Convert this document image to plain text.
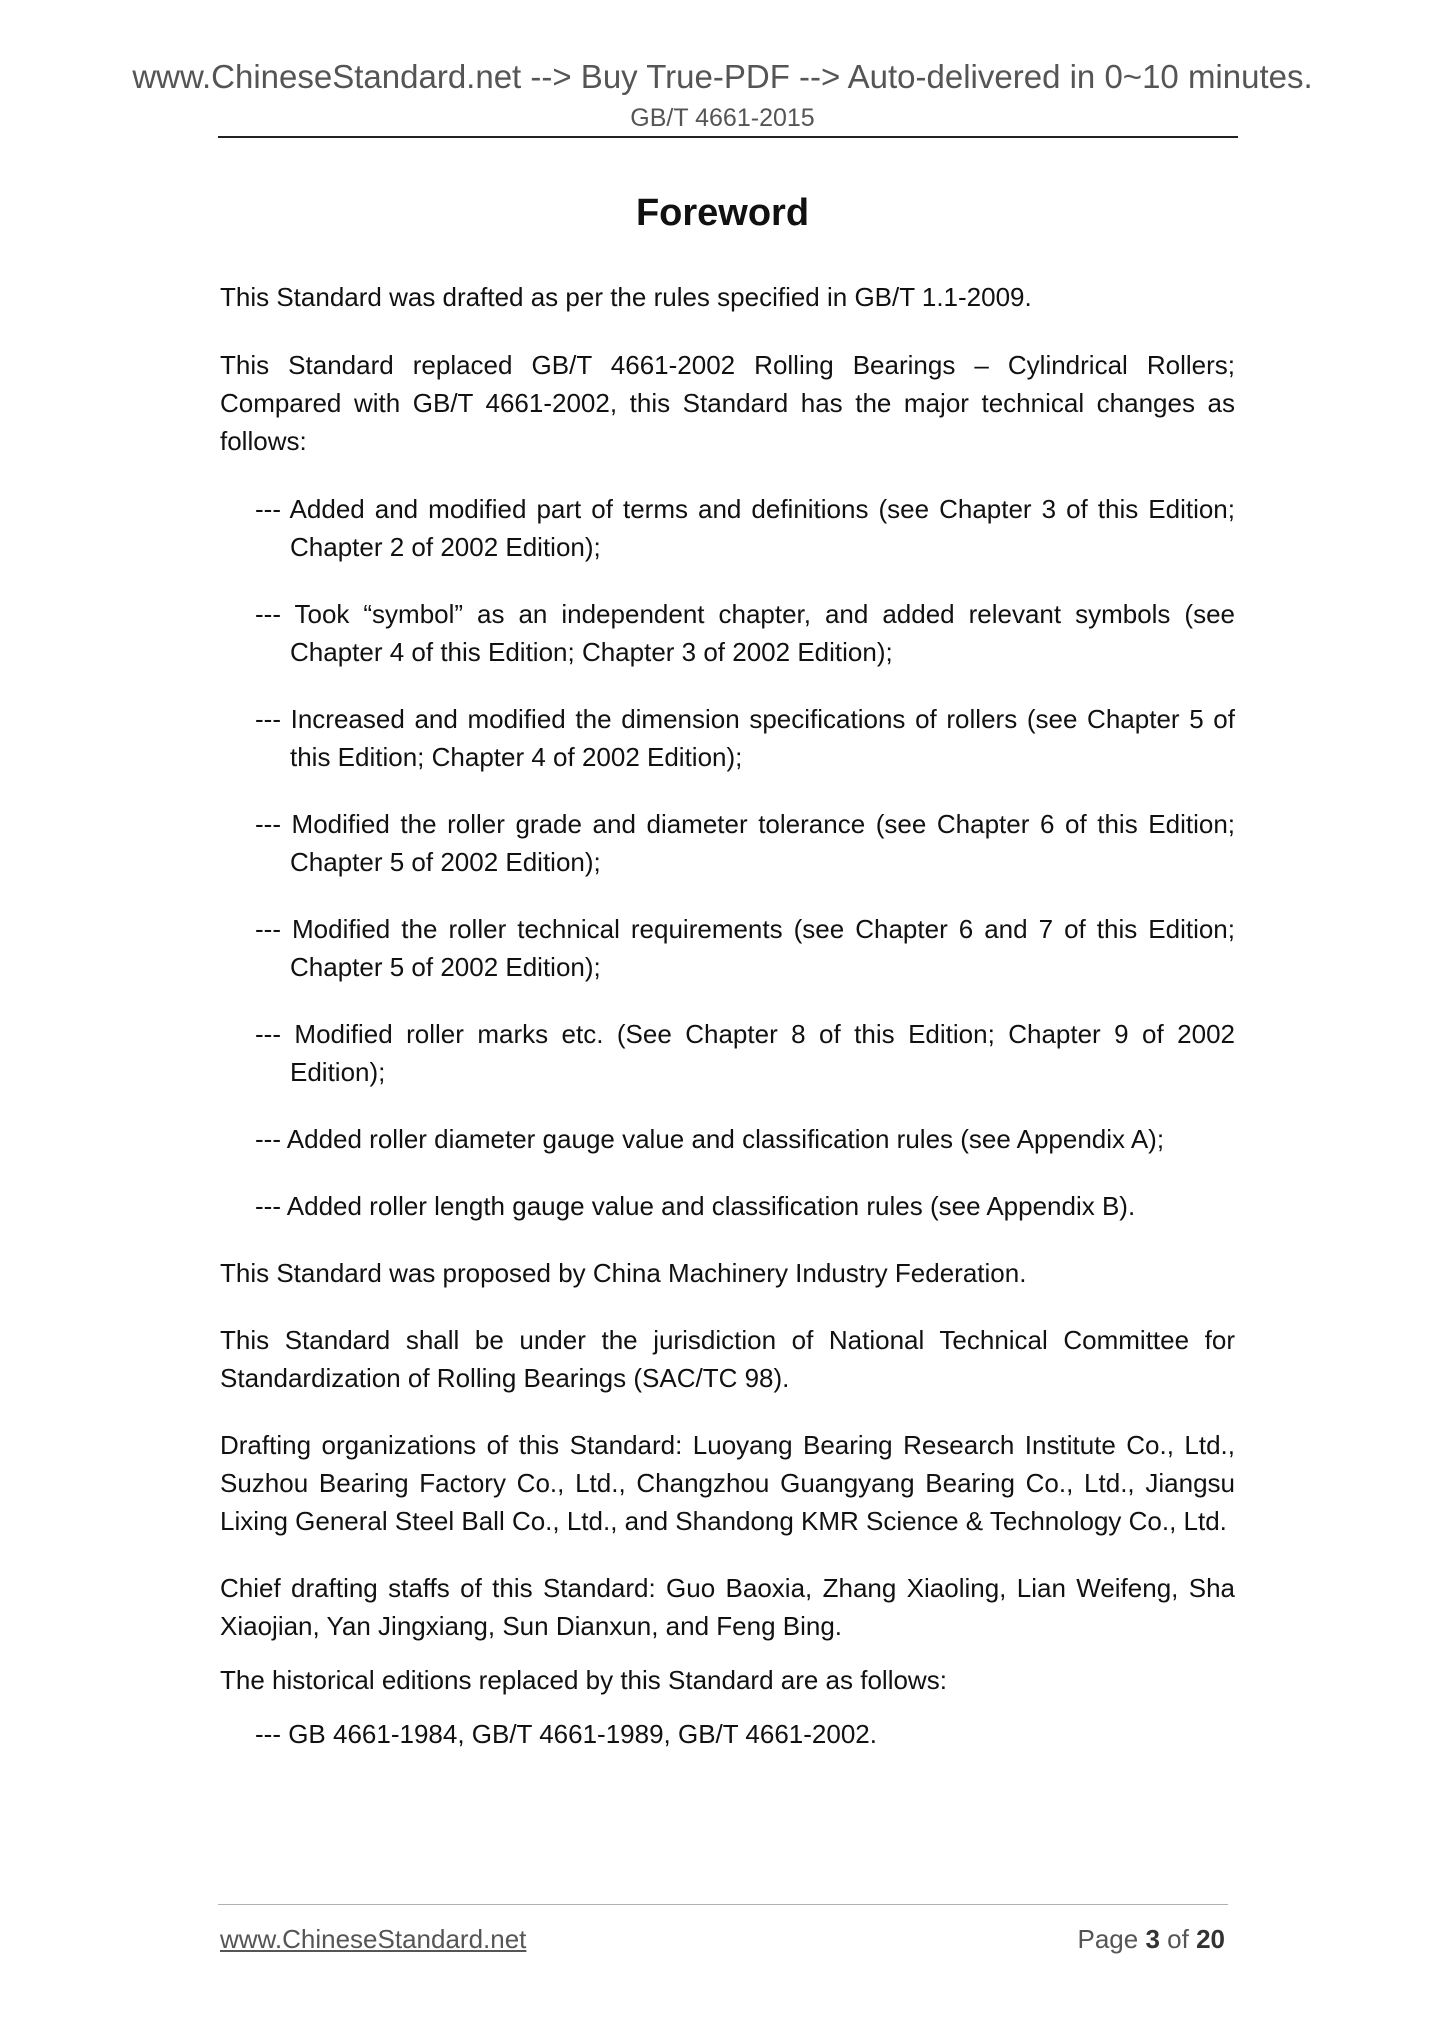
www.ChineseStandard.net --> Buy True-PDF --> Auto-delivered in 0~10 minutes.
GB/T 4661-2015
Foreword

This Standard was drafted as per the rules specified in GB/T 1.1-2009.

This Standard replaced GB/T 4661-2002 Rolling Bearings – Cylindrical Rollers; Compared with GB/T 4661-2002, this Standard has the major technical changes as follows:

--- Added and modified part of terms and definitions (see Chapter 3 of this Edition; Chapter 2 of 2002 Edition);
--- Took “symbol” as an independent chapter, and added relevant symbols (see Chapter 4 of this Edition; Chapter 3 of 2002 Edition);
--- Increased and modified the dimension specifications of rollers (see Chapter 5 of this Edition; Chapter 4 of 2002 Edition);
--- Modified the roller grade and diameter tolerance (see Chapter 6 of this Edition; Chapter 5 of 2002 Edition);
--- Modified the roller technical requirements (see Chapter 6 and 7 of this Edition; Chapter 5 of 2002 Edition);
--- Modified roller marks etc. (See Chapter 8 of this Edition; Chapter 9 of 2002 Edition);
--- Added roller diameter gauge value and classification rules (see Appendix A);
--- Added roller length gauge value and classification rules (see Appendix B).

This Standard was proposed by China Machinery Industry Federation.

This Standard shall be under the jurisdiction of National Technical Committee for Standardization of Rolling Bearings (SAC/TC 98).

Drafting organizations of this Standard: Luoyang Bearing Research Institute Co., Ltd., Suzhou Bearing Factory Co., Ltd., Changzhou Guangyang Bearing Co., Ltd., Jiangsu Lixing General Steel Ball Co., Ltd., and Shandong KMR Science & Technology Co., Ltd.

Chief drafting staffs of this Standard: Guo Baoxia, Zhang Xiaoling, Lian Weifeng, Sha Xiaojian, Yan Jingxiang, Sun Dianxun, and Feng Bing.

The historical editions replaced by this Standard are as follows:

--- GB 4661-1984, GB/T 4661-1989, GB/T 4661-2002.
www.ChineseStandard.net	Page 3 of 20
